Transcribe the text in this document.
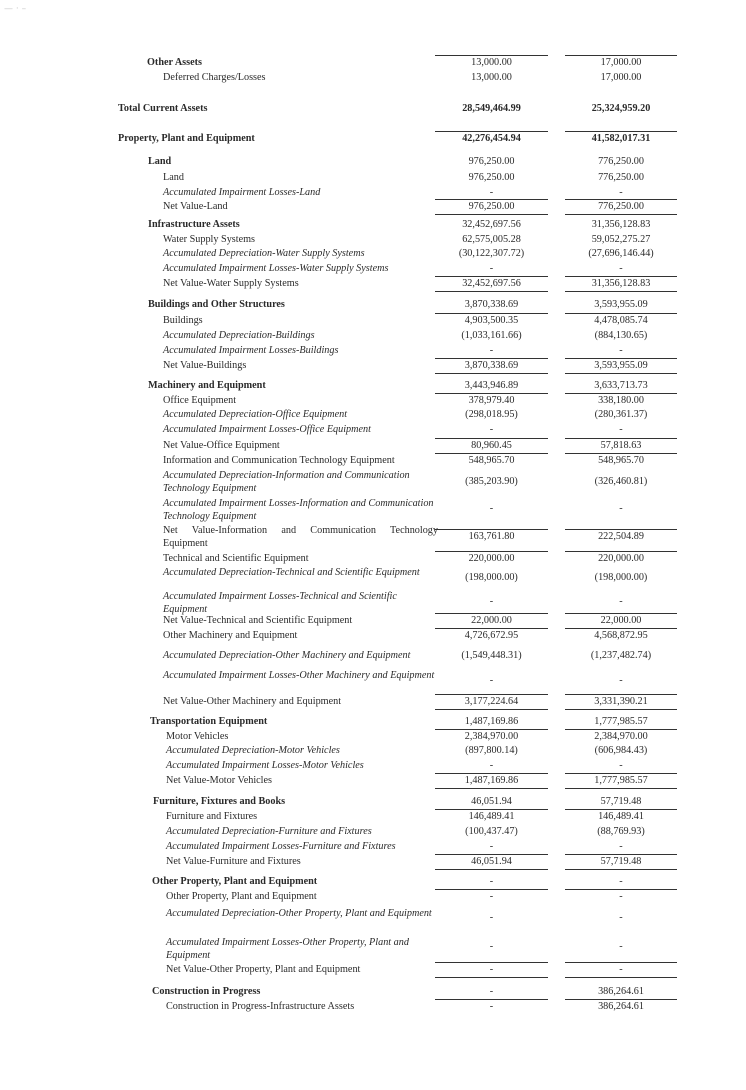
— · –
Other Assets	13,000.00	17,000.00
Deferred Charges/Losses	13,000.00	17,000.00
Total Current Assets	28,549,464.99	25,324,959.20
Property, Plant and Equipment	42,276,454.94	41,582,017.31
Land	976,250.00	776,250.00
Land	976,250.00	776,250.00
Accumulated Impairment Losses-Land	-	-
Net Value-Land	976,250.00	776,250.00
Infrastructure Assets	32,452,697.56	31,356,128.83
Water Supply Systems	62,575,005.28	59,052,275.27
Accumulated Depreciation-Water Supply Systems	(30,122,307.72)	(27,696,146.44)
Accumulated Impairment Losses-Water Supply Systems	-	-
Net Value-Water Supply Systems	32,452,697.56	31,356,128.83
Buildings and Other Structures	3,870,338.69	3,593,955.09
Buildings	4,903,500.35	4,478,085.74
Accumulated Depreciation-Buildings	(1,033,161.66)	(884,130.65)
Accumulated Impairment Losses-Buildings	-	-
Net Value-Buildings	3,870,338.69	3,593,955.09
Machinery and Equipment	3,443,946.89	3,633,713.73
Office Equipment	378,979.40	338,180.00
Accumulated Depreciation-Office Equipment	(298,018.95)	(280,361.37)
Accumulated Impairment Losses-Office Equipment	-	-
Net Value-Office Equipment	80,960.45	57,818.63
Information and Communication Technology Equipment	548,965.70	548,965.70
Accumulated Depreciation-Information and Communication Technology Equipment
(385,203.90)	(326,460.81)
Accumulated Impairment Losses-Information and Communication Technology Equipment
-	-
Net Value-Information and Communication Technology Equipment
163,761.80	222,504.89
Technical and Scientific Equipment	220,000.00	220,000.00
Accumulated Depreciation-Technical and Scientific Equipment	(198,000.00)	(198,000.00)
Accumulated Impairment Losses-Technical and Scientific Equipment
-	-
Net Value-Technical and Scientific Equipment	22,000.00	22,000.00
Other Machinery and Equipment	4,726,672.95	4,568,872.95
Accumulated Depreciation-Other Machinery and Equipment	(1,549,448.31)	(1,237,482.74)
Accumulated Impairment Losses-Other Machinery and Equipment	-	-
Net Value-Other Machinery and Equipment	3,177,224.64	3,331,390.21
Transportation Equipment	1,487,169.86	1,777,985.57
Motor Vehicles	2,384,970.00	2,384,970.00
Accumulated Depreciation-Motor Vehicles	(897,800.14)	(606,984.43)
Accumulated Impairment Losses-Motor Vehicles	-	-
Net Value-Motor Vehicles	1,487,169.86	1,777,985.57
Furniture, Fixtures and Books	46,051.94	57,719.48
Furniture and Fixtures	146,489.41	146,489.41
Accumulated Depreciation-Furniture and Fixtures	(100,437.47)	(88,769.93)
Accumulated Impairment Losses-Furniture and Fixtures	-	-
Net Value-Furniture and Fixtures	46,051.94	57,719.48
Other Property, Plant and Equipment	-	-
Other Property, Plant and Equipment	-	-
Accumulated Depreciation-Other Property, Plant and Equipment	-	-
Accumulated Impairment Losses-Other Property, Plant and Equipment
-	-
Net Value-Other Property, Plant and Equipment	-	-
Construction in Progress	-	386,264.61
Construction in Progress-Infrastructure Assets	-	386,264.61
